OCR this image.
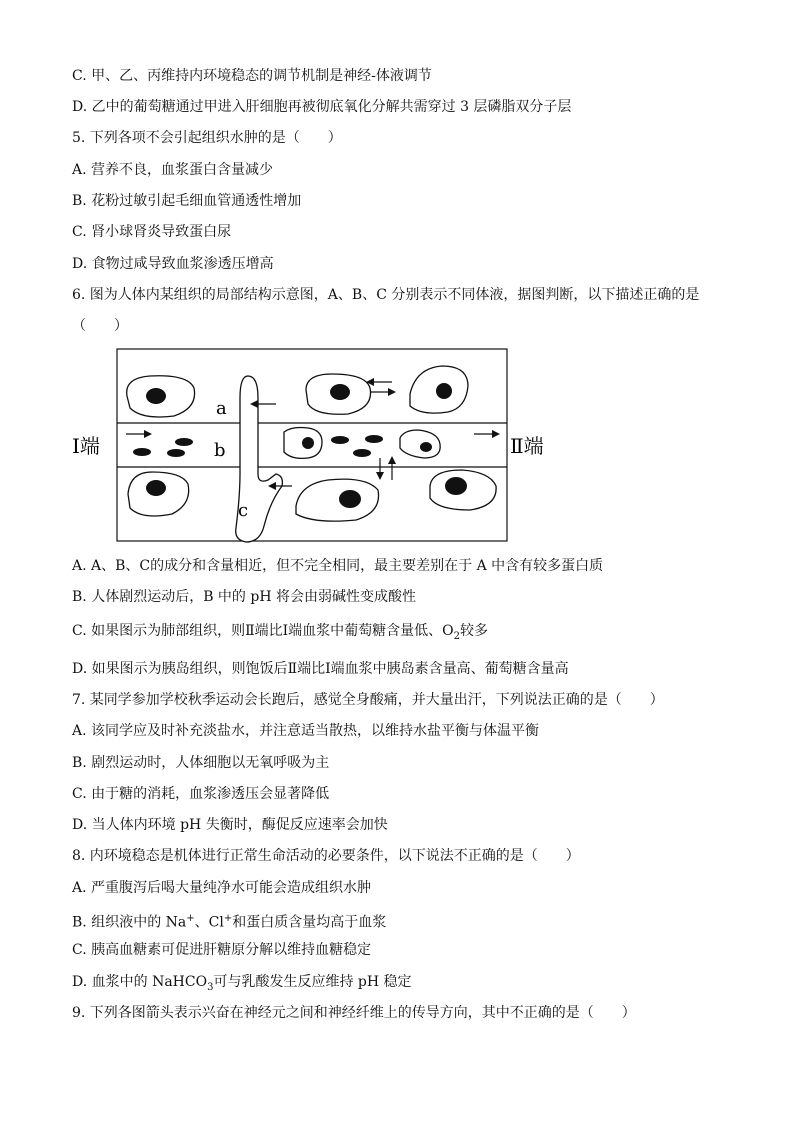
C. 甲、乙、丙维持内环境稳态的调节机制是神经-体液调节
D. 乙中的葡萄糖通过甲进入肝细胞再被彻底氧化分解共需穿过 3 层磷脂双分子层
5. 下列各项不会引起组织水肿的是（　　）
A. 营养不良，血浆蛋白含量减少
B. 花粉过敏引起毛细血管通透性增加
C. 肾小球肾炎导致蛋白尿
D. 食物过咸导致血浆渗透压增高
6. 图为人体内某组织的局部结构示意图，A、B、C 分别表示不同体液，据图判断，以下描述正确的是
（　　）
a
b
c
Ⅰ端	Ⅱ端
A. A、B、C的成分和含量相近，但不完全相同，最主要差别在于 A 中含有较多蛋白质
B. 人体剧烈运动后，B 中的 pH 将会由弱碱性变成酸性
C. 如果图示为肺部组织，则Ⅱ端比Ⅰ端血浆中葡萄糖含量低、$O_2$较多
D. 如果图示为胰岛组织，则饱饭后Ⅱ端比Ⅰ端血浆中胰岛素含量高、葡萄糖含量高
7. 某同学参加学校秋季运动会长跑后，感觉全身酸痛，并大量出汗，下列说法正确的是（　　）
A. 该同学应及时补充淡盐水，并注意适当散热，以维持水盐平衡与体温平衡
B. 剧烈运动时，人体细胞以无氧呼吸为主
C. 由于糖的消耗，血浆渗透压会显著降低
D. 当人体内环境 pH 失衡时，酶促反应速率会加快
8. 内环境稳态是机体进行正常生命活动的必要条件，以下说法不正确的是（　　）
A. 严重腹泻后喝大量纯净水可能会造成组织水肿
B. 组织液中的 Na+、Cl+和蛋白质含量均高于血浆
C. 胰高血糖素可促进肝糖原分解以维持血糖稳定
D. 血浆中的 NaHCO$_3$可与乳酸发生反应维持 pH 稳定
9. 下列各图箭头表示兴奋在神经元之间和神经纤维上的传导方向，其中不正确的是（　　）
